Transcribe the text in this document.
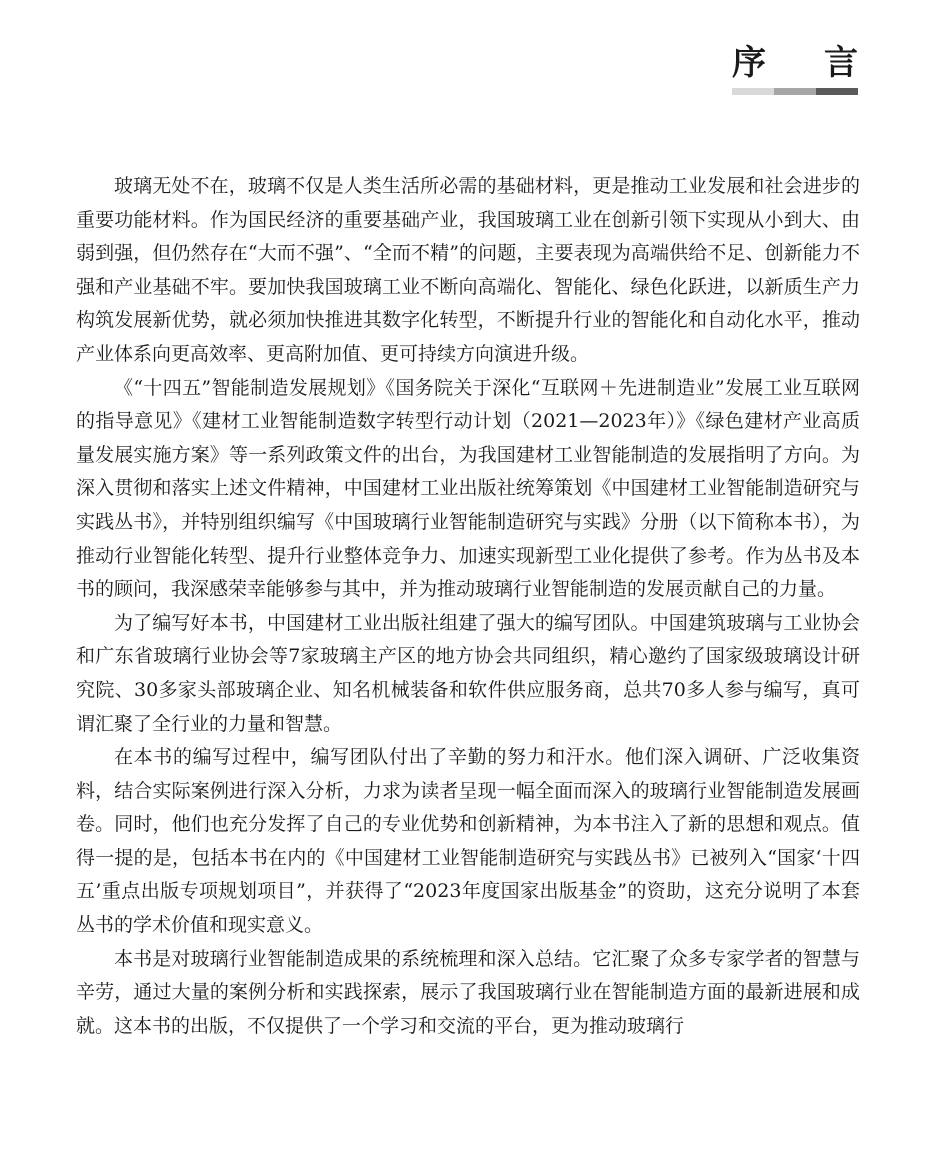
序 言

玻璃无处不在，玻璃不仅是人类生活所必需的基础材料，更是推动工业发展和社会进步的重要功能材料。作为国民经济的重要基础产业，我国玻璃工业在创新引领下实现从小到大、由弱到强，但仍然存在“大而不强”、“全而不精”的问题，主要表现为高端供给不足、创新能力不强和产业基础不牢。要加快我国玻璃工业不断向高端化、智能化、绿色化跃进，以新质生产力构筑发展新优势，就必须加快推进其数字化转型，不断提升行业的智能化和自动化水平，推动产业体系向更高效率、更高附加值、更可持续方向演进升级。

《“十四五”智能制造发展规划》《国务院关于深化“互联网＋先进制造业”发展工业互联网的指导意见》《建材工业智能制造数字转型行动计划（2021—2023年）》《绿色建材产业高质量发展实施方案》等一系列政策文件的出台，为我国建材工业智能制造的发展指明了方向。为深入贯彻和落实上述文件精神，中国建材工业出版社统筹策划《中国建材工业智能制造研究与实践丛书》，并特别组织编写《中国玻璃行业智能制造研究与实践》分册（以下简称本书），为推动行业智能化转型、提升行业整体竞争力、加速实现新型工业化提供了参考。作为丛书及本书的顾问，我深感荣幸能够参与其中，并为推动玻璃行业智能制造的发展贡献自己的力量。

为了编写好本书，中国建材工业出版社组建了强大的编写团队。中国建筑玻璃与工业协会和广东省玻璃行业协会等7家玻璃主产区的地方协会共同组织，精心邀约了国家级玻璃设计研究院、30多家头部玻璃企业、知名机械装备和软件供应服务商，总共70多人参与编写，真可谓汇聚了全行业的力量和智慧。

在本书的编写过程中，编写团队付出了辛勤的努力和汗水。他们深入调研、广泛收集资料，结合实际案例进行深入分析，力求为读者呈现一幅全面而深入的玻璃行业智能制造发展画卷。同时，他们也充分发挥了自己的专业优势和创新精神，为本书注入了新的思想和观点。值得一提的是，包括本书在内的《中国建材工业智能制造研究与实践丛书》已被列入“国家‘十四五’重点出版专项规划项目”，并获得了“2023年度国家出版基金”的资助，这充分说明了本套丛书的学术价值和现实意义。

本书是对玻璃行业智能制造成果的系统梳理和深入总结。它汇聚了众多专家学者的智慧与辛劳，通过大量的案例分析和实践探索，展示了我国玻璃行业在智能制造方面的最新进展和成就。这本书的出版，不仅提供了一个学习和交流的平台，更为推动玻璃行
